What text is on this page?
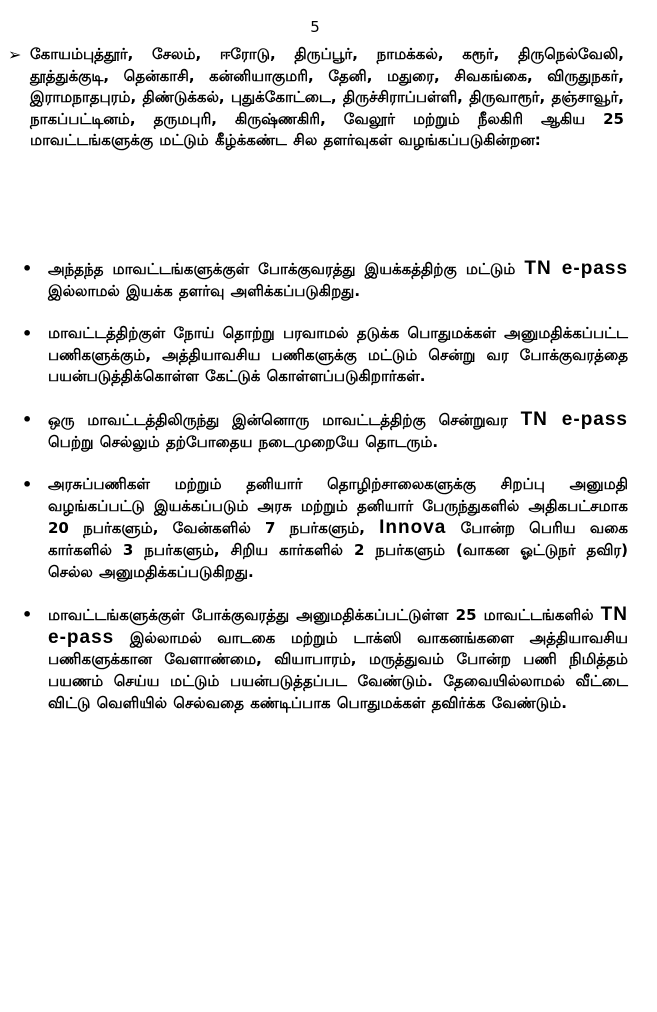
5
➢ கோயம்புத்தூர், சேலம், ஈரோடு, திருப்பூர், நாமக்கல், கரூர், திருநெல்வேலி, தூத்துக்குடி, தென்காசி, கன்னியாகுமரி, தேனி, மதுரை, சிவகங்கை, விருதுநகர், இராமநாதபுரம், திண்டுக்கல், புதுக்கோட்டை, திருச்சிராப்பள்ளி, திருவாரூர், தஞ்சாவூர், நாகப்பட்டினம், தருமபுரி, கிருஷ்ணகிரி, வேலூர் மற்றும் நீலகிரி ஆகிய 25 மாவட்டங்களுக்கு மட்டும் கீழ்க்கண்ட சில தளர்வுகள் வழங்கப்படுகின்றன:
•	அந்தந்த மாவட்டங்களுக்குள் போக்குவரத்து இயக்கத்திற்கு மட்டும் TN e-pass இல்லாமல் இயக்க தளர்வு அளிக்கப்படுகிறது.
•	மாவட்டத்திற்குள் நோய் தொற்று பரவாமல் தடுக்க பொதுமக்கள் அனுமதிக்கப்பட்ட பணிகளுக்கும், அத்தியாவசிய பணிகளுக்கு மட்டும் சென்று வர போக்குவரத்தை பயன்படுத்திக்கொள்ள கேட்டுக் கொள்ளப்படுகிறார்கள்.
•	ஒரு மாவட்டத்திலிருந்து இன்னொரு மாவட்டத்திற்கு சென்றுவர TN e-pass பெற்று செல்லும் தற்போதைய நடைமுறையே தொடரும்.
•	அரசுப்பணிகள் மற்றும் தனியார் தொழிற்சாலைகளுக்கு சிறப்பு அனுமதி வழங்கப்பட்டு இயக்கப்படும் அரசு மற்றும் தனியார் பேருந்துகளில் அதிகபட்சமாக 20 நபர்களும், வேன்களில் 7 நபர்களும், Innova போன்ற பெரிய வகை கார்களில் 3 நபர்களும், சிறிய கார்களில் 2 நபர்களும் (வாகன ஓட்டுநர் தவிர) செல்ல அனுமதிக்கப்படுகிறது.
•	மாவட்டங்களுக்குள் போக்குவரத்து அனுமதிக்கப்பட்டுள்ள 25 மாவட்டங்களில் TN e-pass இல்லாமல் வாடகை மற்றும் டாக்ஸி வாகனங்களை அத்தியாவசிய பணிகளுக்கான வேளாண்மை, வியாபாரம், மருத்துவம் போன்ற பணி நிமித்தம் பயணம் செய்ய மட்டும் பயன்படுத்தப்பட வேண்டும். தேவையில்லாமல் வீட்டை விட்டு வெளியில் செல்வதை கண்டிப்பாக பொதுமக்கள் தவிர்க்க வேண்டும்.
